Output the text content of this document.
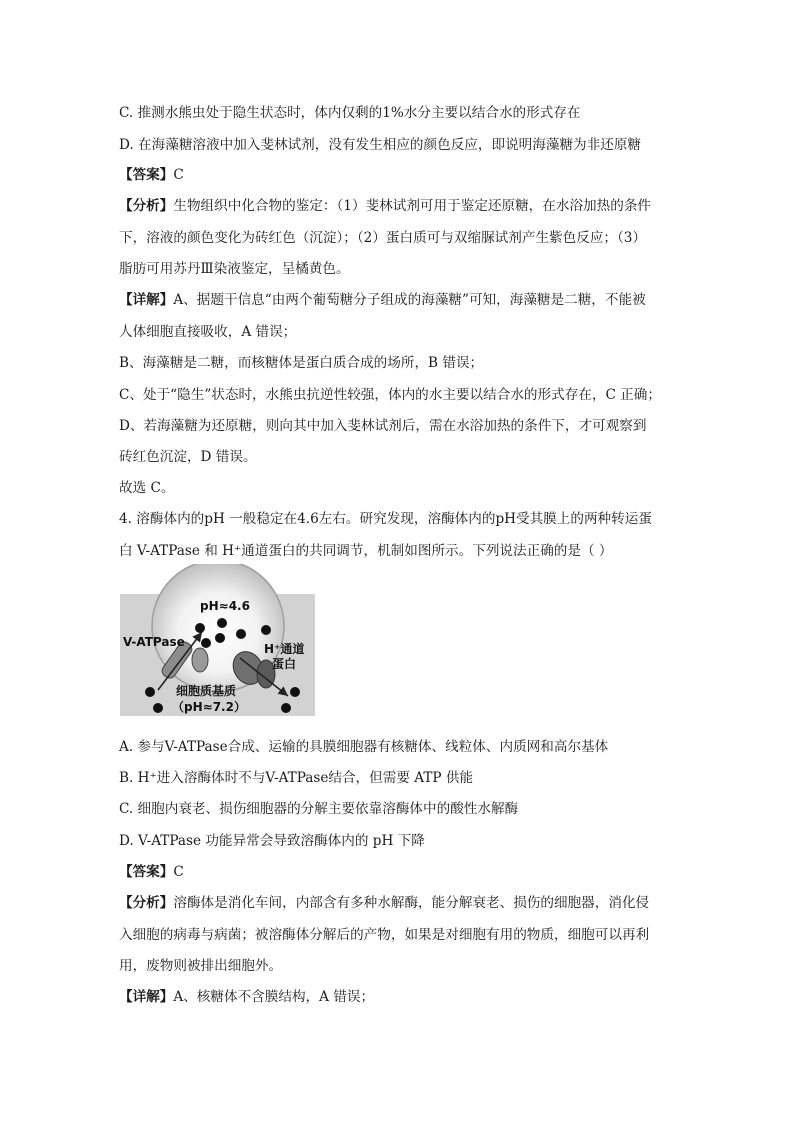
C. 推测水熊虫处于隐生状态时，体内仅剩的1%水分主要以结合水的形式存在
D. 在海藻糖溶液中加入斐林试剂，没有发生相应的颜色反应，即说明海藻糖为非还原糖
【答案】C
【分析】生物组织中化合物的鉴定：（1）斐林试剂可用于鉴定还原糖，在水浴加热的条件
下，溶液的颜色变化为砖红色（沉淀）；（2）蛋白质可与双缩脲试剂产生紫色反应；（3）
脂肪可用苏丹Ⅲ染液鉴定，呈橘黄色。
【详解】A、据题干信息“由两个葡萄糖分子组成的海藻糖”可知，海藻糖是二糖，不能被
人体细胞直接吸收，A 错误；
B、海藻糖是二糖，而核糖体是蛋白质合成的场所，B 错误；
C、处于“隐生”状态时，水熊虫抗逆性较强，体内的水主要以结合水的形式存在，C 正确；
D、若海藻糖为还原糖，则向其中加入斐林试剂后，需在水浴加热的条件下，才可观察到
砖红色沉淀，D 错误。
故选 C。
4. 溶酶体内的pH 一般稳定在4.6左右。研究发现，溶酶体内的pH受其膜上的两种转运蛋
白 V-ATPase 和 H⁺通道蛋白的共同调节，机制如图所示。下列说法正确的是（ ）
pH≈4.6
V-ATPase	H⁺通道
蛋白
细胞质基质
（pH≈7.2）
A. 参与V-ATPase合成、运输的具膜细胞器有核糖体、线粒体、内质网和高尔基体
B. H⁺进入溶酶体时不与V-ATPase结合，但需要 ATP 供能
C. 细胞内衰老、损伤细胞器的分解主要依靠溶酶体中的酸性水解酶
D. V-ATPase 功能异常会导致溶酶体内的 pH 下降
【答案】C
【分析】溶酶体是消化车间，内部含有多种水解酶，能分解衰老、损伤的细胞器，消化侵
入细胞的病毒与病菌；被溶酶体分解后的产物，如果是对细胞有用的物质，细胞可以再利
用，废物则被排出细胞外。
【详解】A、核糖体不含膜结构，A 错误；
